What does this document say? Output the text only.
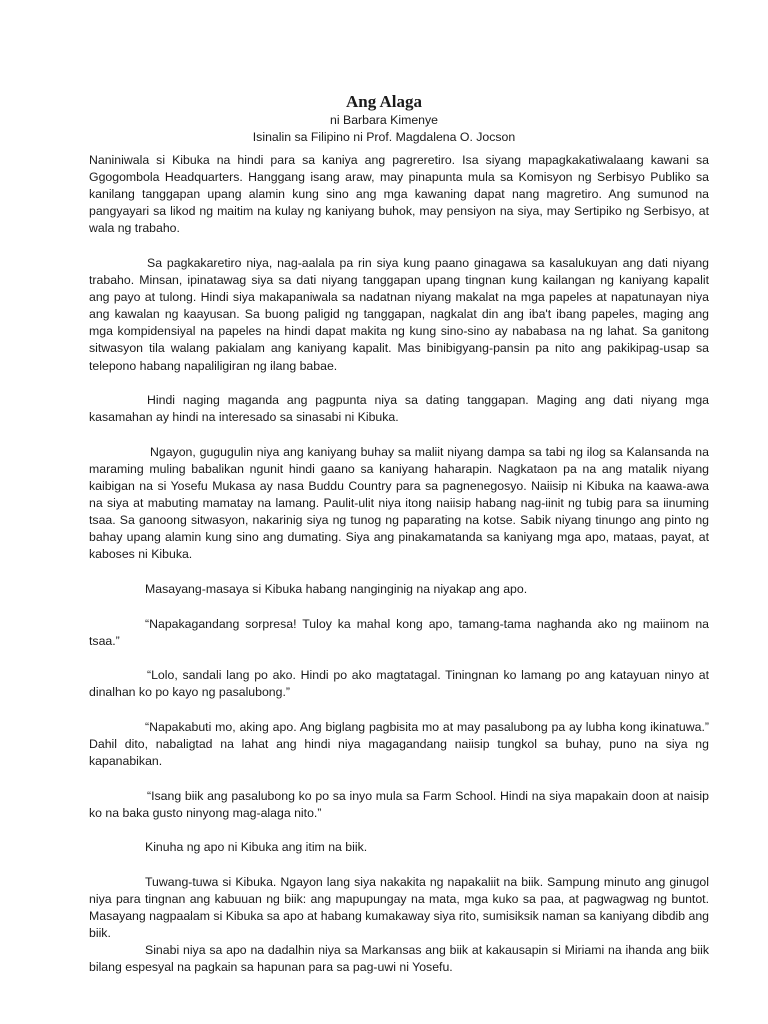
Ang Alaga

ni Barbara Kimenye

Isinalin sa Filipino ni Prof. Magdalena O. Jocson

Naniniwala si Kibuka na hindi para sa kaniya ang pagreretiro. Isa siyang mapagkakatiwalaang kawani sa Ggogombola Headquarters. Hanggang isang araw, may pinapunta mula sa Komisyon ng Serbisyo Publiko sa kanilang tanggapan upang alamin kung sino ang mga kawaning dapat nang magretiro. Ang sumunod na pangyayari sa likod ng maitim na kulay ng kaniyang buhok, may pensiyon na siya, may Sertipiko ng Serbisyo, at wala ng trabaho.

Sa pagkakaretiro niya, nag-aalala pa rin siya kung paano ginagawa sa kasalukuyan ang dati niyang trabaho. Minsan, ipinatawag siya sa dati niyang tanggapan upang tingnan kung kailangan ng kaniyang kapalit ang payo at tulong. Hindi siya makapaniwala sa nadatnan niyang makalat na mga papeles at napatunayan niya ang kawalan ng kaayusan. Sa buong paligid ng tanggapan, nagkalat din ang iba't ibang papeles, maging ang mga kompidensiyal na papeles na hindi dapat makita ng kung sino-sino ay nababasa na ng lahat. Sa ganitong sitwasyon tila walang pakialam ang kaniyang kapalit. Mas binibigyang-pansin pa nito ang pakikipag-usap sa telepono habang napaliligiran ng ilang babae.

Hindi naging maganda ang pagpunta niya sa dating tanggapan. Maging ang dati niyang mga kasamahan ay hindi na interesado sa sinasabi ni Kibuka.

Ngayon, gugugulin niya ang kaniyang buhay sa maliit niyang dampa sa tabi ng ilog sa Kalansanda na maraming muling babalikan ngunit hindi gaano sa kaniyang haharapin. Nagkataon pa na ang matalik niyang kaibigan na si Yosefu Mukasa ay nasa Buddu Country para sa pagnenegosyo. Naiisip ni Kibuka na kaawa-awa na siya at mabuting mamatay na lamang. Paulit-ulit niya itong naiisip habang nag-iinit ng tubig para sa iinuming tsaa. Sa ganoong sitwasyon, nakarinig siya ng tunog ng paparating na kotse. Sabik niyang tinungo ang pinto ng bahay upang alamin kung sino ang dumating. Siya ang pinakamatanda sa kaniyang mga apo, mataas, payat, at kaboses ni Kibuka.

Masayang-masaya si Kibuka habang nanginginig na niyakap ang apo.

“Napakagandang sorpresa! Tuloy ka mahal kong apo, tamang-tama naghanda ako ng maiinom na tsaa.”

“Lolo, sandali lang po ako. Hindi po ako magtatagal. Tiningnan ko lamang po ang katayuan ninyo at dinalhan ko po kayo ng pasalubong.”

“Napakabuti mo, aking apo. Ang biglang pagbisita mo at may pasalubong pa ay lubha kong ikinatuwa.” Dahil dito, nabaligtad na lahat ang hindi niya magagandang naiisip tungkol sa buhay, puno na siya ng kapanabikan.

“Isang biik ang pasalubong ko po sa inyo mula sa Farm School. Hindi na siya mapakain doon at naisip ko na baka gusto ninyong mag-alaga nito.”

Kinuha ng apo ni Kibuka ang itim na biik.

Tuwang-tuwa si Kibuka. Ngayon lang siya nakakita ng napakaliit na biik. Sampung minuto ang ginugol niya para tingnan ang kabuuan ng biik: ang mapupungay na mata, mga kuko sa paa, at pagwagwag ng buntot. Masayang nagpaalam si Kibuka sa apo at habang kumakaway siya rito, sumisiksik naman sa kaniyang dibdib ang biik.

Sinabi niya sa apo na dadalhin niya sa Markansas ang biik at kakausapin si Miriami na ihanda ang biik bilang espesyal na pagkain sa hapunan para sa pag-uwi ni Yosefu.
